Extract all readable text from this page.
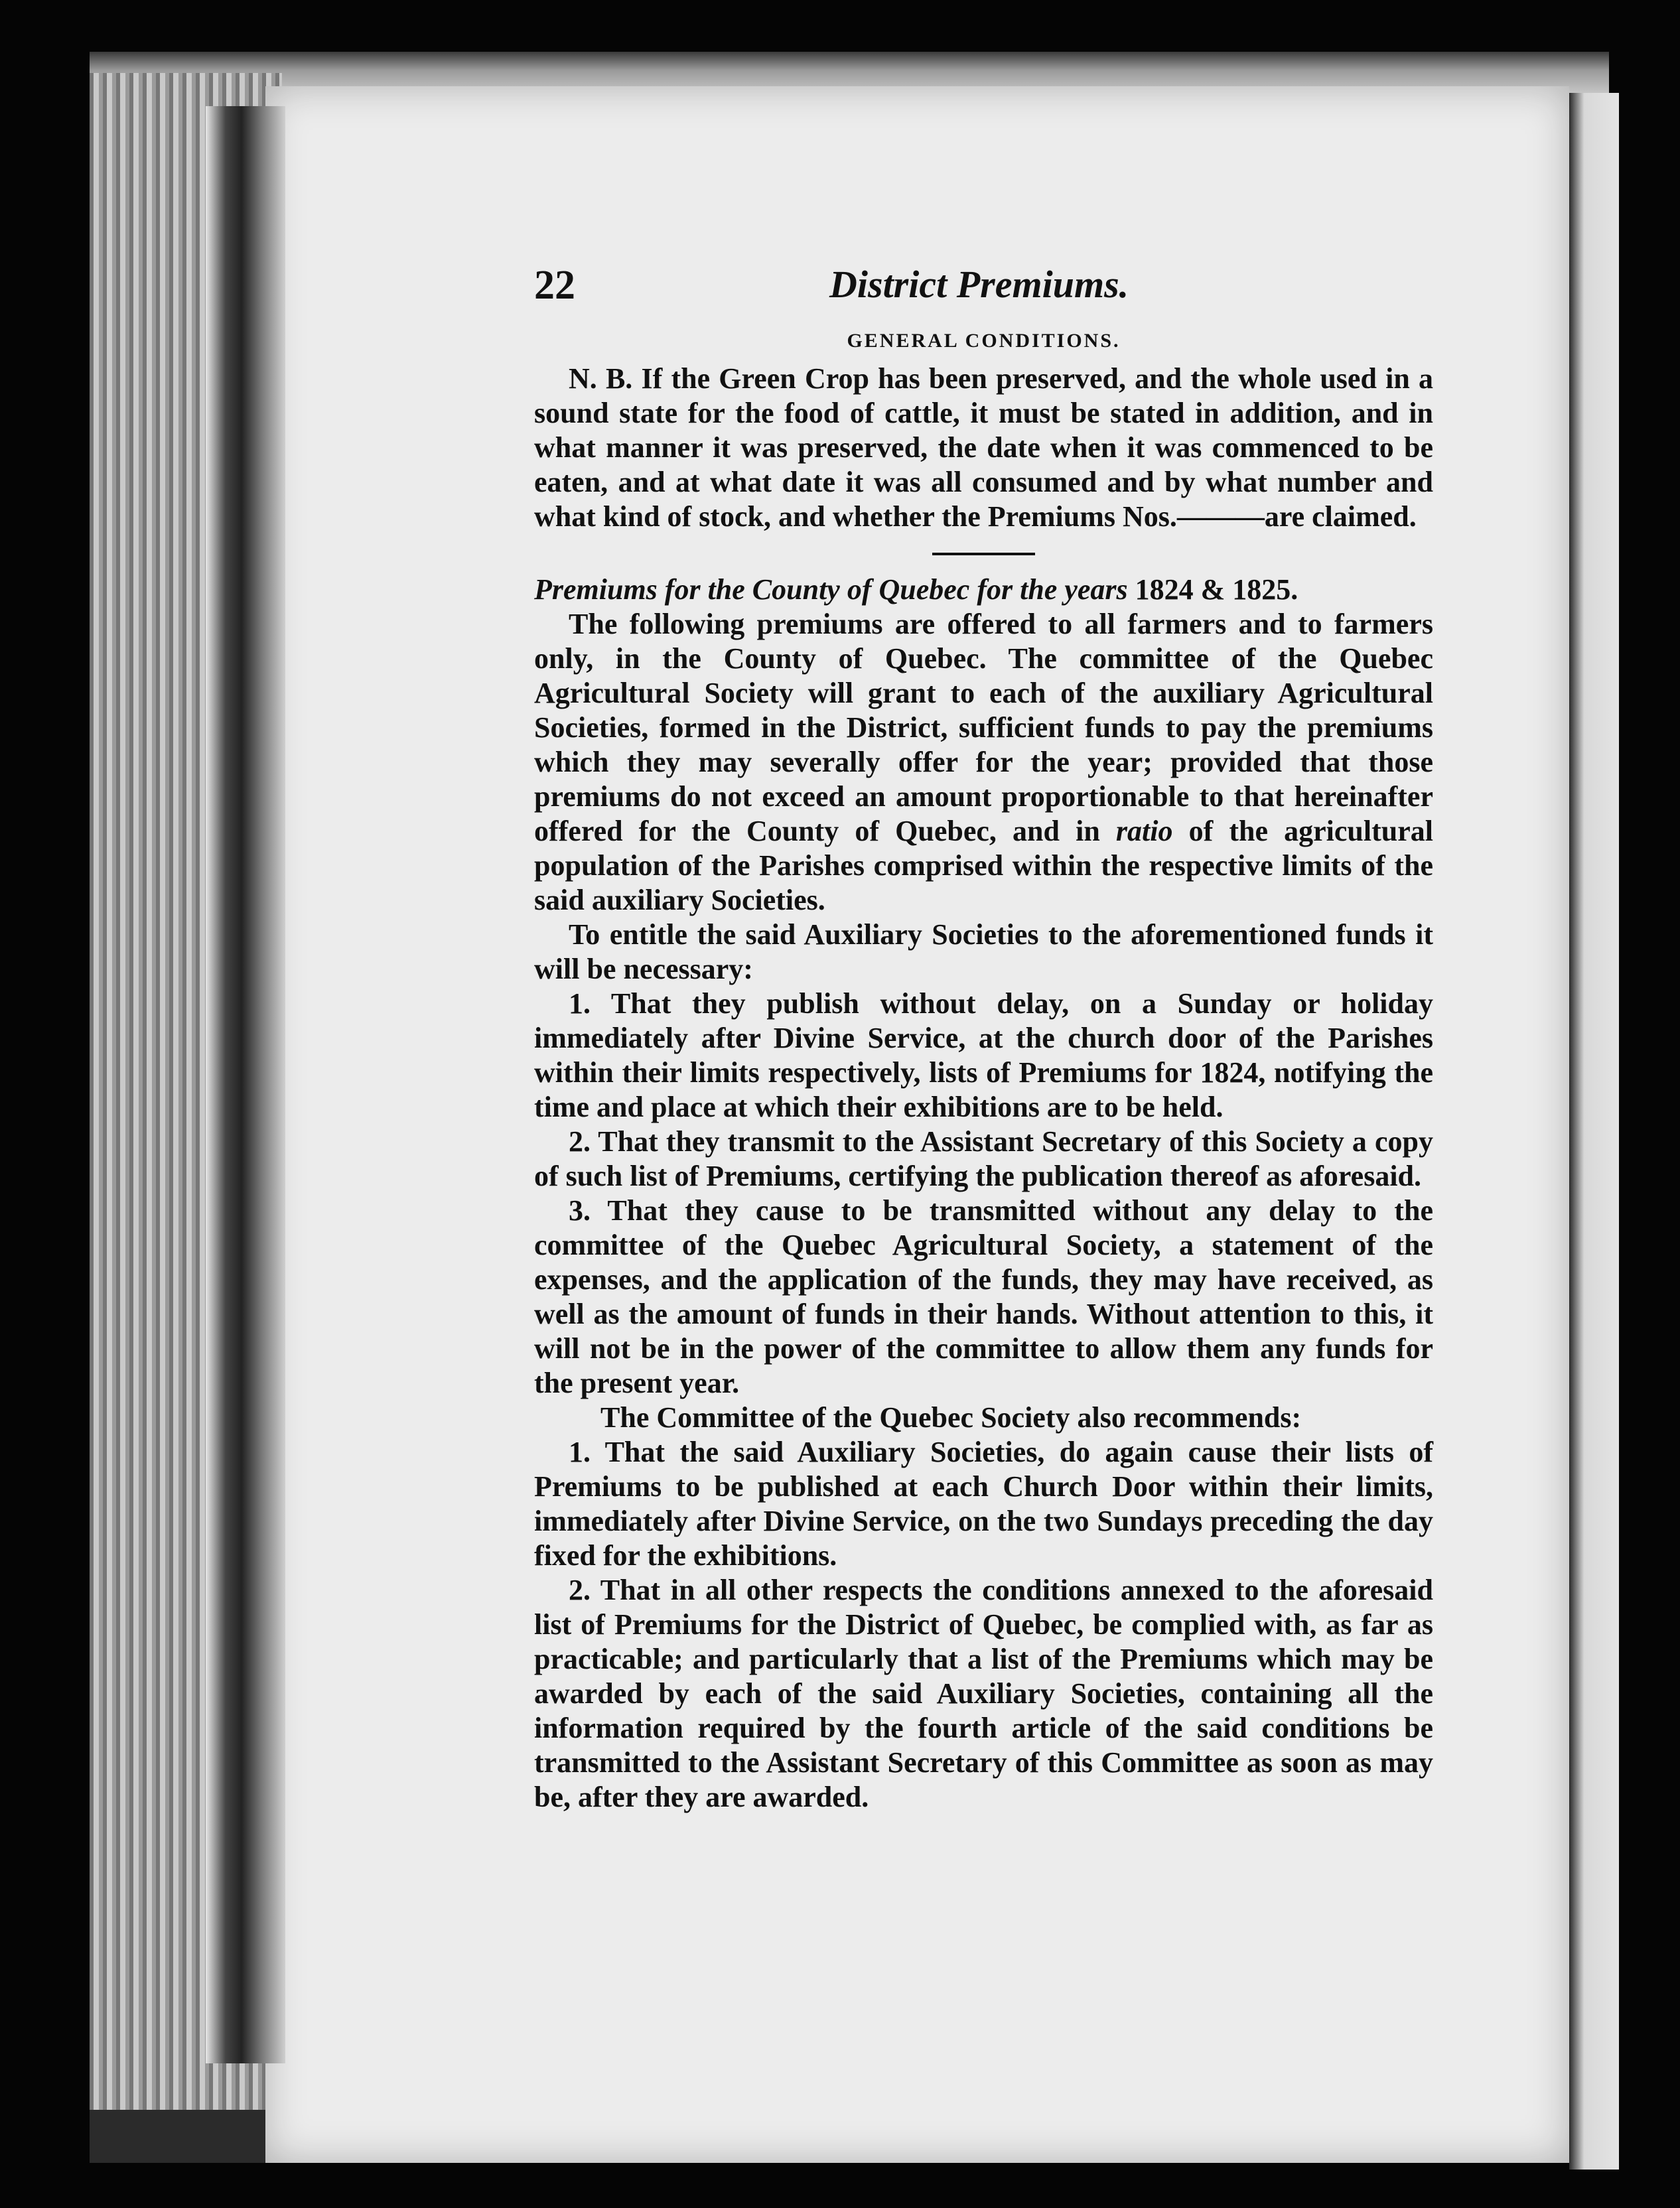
22	District Premiums.
GENERAL CONDITIONS.

N. B. If the Green Crop has been preserved, and the whole used in a sound state for the food of cattle, it must be stated in addition, and in what manner it was preserved, the date when it was commenced to be eaten, and at what date it was all consumed and by what number and what kind of stock, and whether the Premiums Nos.———are claimed.

Premiums for the County of Quebec for the years 1824 & 1825.

The following premiums are offered to all farmers and to farmers only, in the County of Quebec. The committee of the Quebec Agricultural Society will grant to each of the auxiliary Agricultural Societies, formed in the District, sufficient funds to pay the premiums which they may severally offer for the year; provided that those premiums do not exceed an amount proportionable to that hereinafter offered for the County of Quebec, and in ratio of the agricultural population of the Parishes comprised within the respective limits of the said auxiliary Societies.

To entitle the said Auxiliary Societies to the aforementioned funds it will be necessary:

1. That they publish without delay, on a Sunday or holiday immediately after Divine Service, at the church door of the Parishes within their limits respectively, lists of Premiums for 1824, notifying the time and place at which their exhibitions are to be held.

2. That they transmit to the Assistant Secretary of this Society a copy of such list of Premiums, certifying the publication thereof as aforesaid.

3. That they cause to be transmitted without any delay to the committee of the Quebec Agricultural Society, a statement of the expenses, and the application of the funds, they may have received, as well as the amount of funds in their hands. Without attention to this, it will not be in the power of the committee to allow them any funds for the present year.

The Committee of the Quebec Society also recommends:

1. That the said Auxiliary Societies, do again cause their lists of Premiums to be published at each Church Door within their limits, immediately after Divine Service, on the two Sundays preceding the day fixed for the exhibitions.

2. That in all other respects the conditions annexed to the aforesaid list of Premiums for the District of Quebec, be complied with, as far as practicable; and particularly that a list of the Premiums which may be awarded by each of the said Auxiliary Societies, containing all the information required by the fourth article of the said conditions be transmitted to the Assistant Secretary of this Committee as soon as may be, after they are awarded.
